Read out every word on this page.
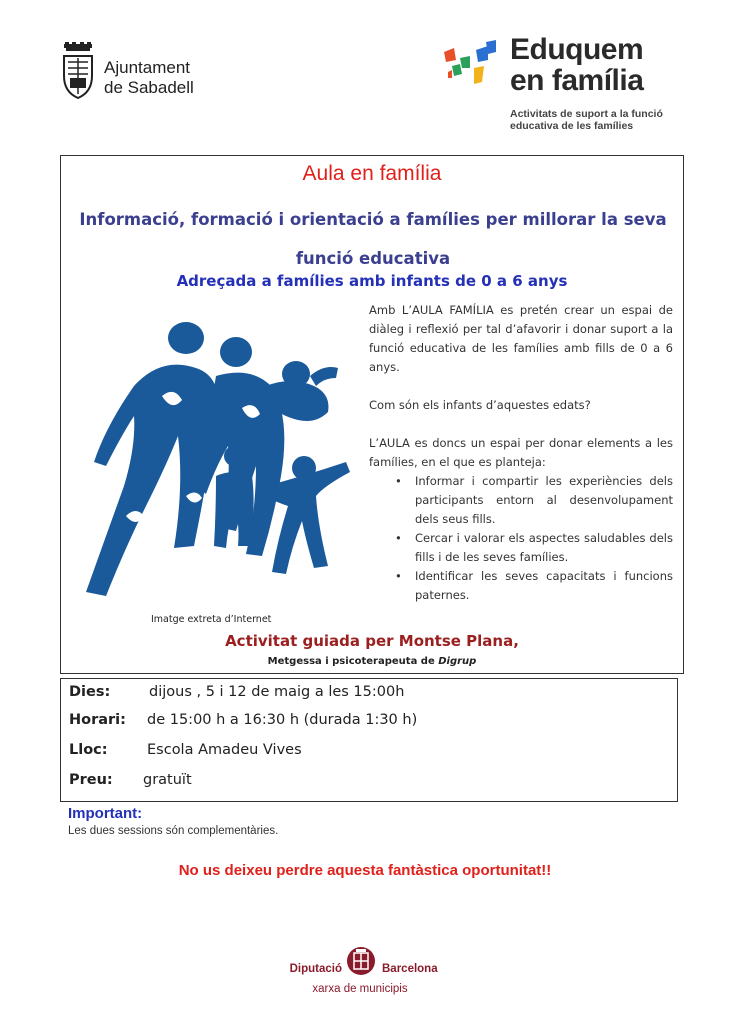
Ajuntament
de Sabadell
Eduquem
en família
Activitats de suport a la funció
educativa de les famílies
Aula en família
Informació, formació i orientació a famílies per millorar la seva funció educativa
Adreçada a famílies amb infants de 0 a 6 anys
Imatge extreta d’Internet

Amb L’AULA FAMÍLIA es pretén crear un espai de diàleg i reflexió per tal d’afavorir i donar suport a la funció educativa de les famílies amb fills de 0 a 6 anys.

Com són els infants d’aquestes edats?

L’AULA es doncs un espai per donar elements a les famílies, en el que es planteja:

• Informar i compartir les experiències dels participants entorn al desenvolupament dels seus fills.
• Cercar i valorar els aspectes saludables dels fills i de les seves famílies.
• Identificar les seves capacitats i funcions paternes.
Activitat guiada per Montse Plana,
Metgessa i psicoterapeuta de Digrup
Dies:	dijous , 5 i 12 de maig a les 15:00h
Horari: de 15:00 h a 16:30 h (durada 1:30 h)
Lloc:	Escola Amadeu Vives
Preu: gratuït
Important:
Les dues sessions són complementàries.
No us deixeu perdre aquesta fantàstica oportunitat!!
Diputació	Barcelona
xarxa de municipis
